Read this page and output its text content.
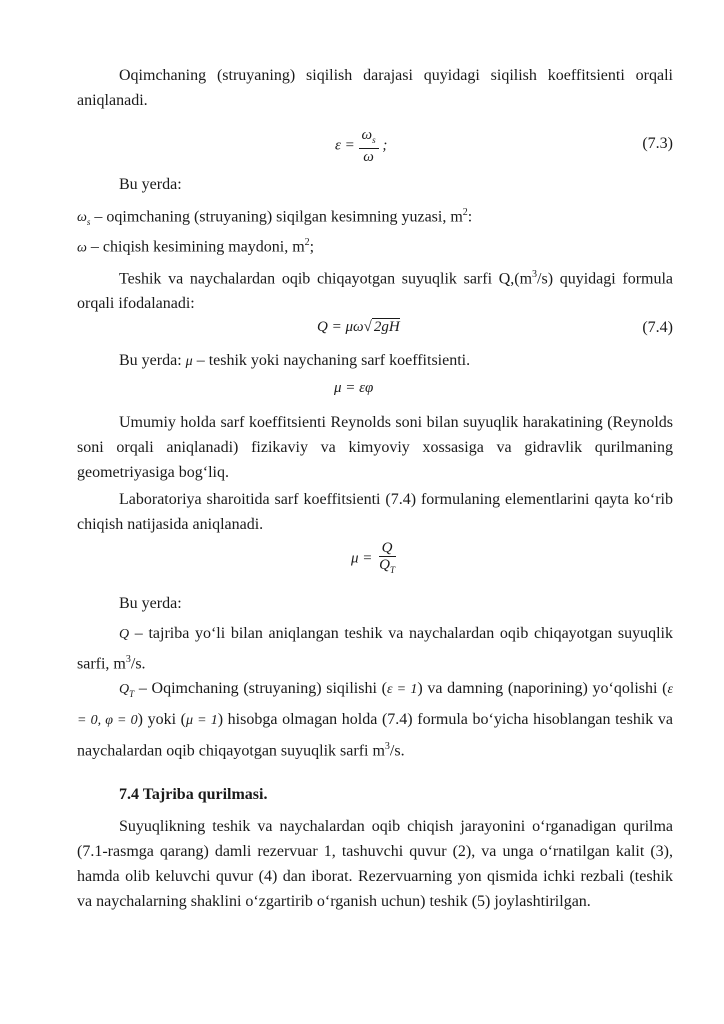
Oqimchaning (struyaning) siqilish darajasi quyidagi siqilish koeffitsienti orqali aniqlanadi.

$\varepsilon = \frac{\omega_s}{\omega}$ ;	(7.3)

Bu yerda:

$\omega_s$ – oqimchaning (struyaning) siqilgan kesimning yuzasi, $m^2$:

ω – chiqish kesimining maydoni, $m^2$;

Teshik va naychalardan oqib chiqayotgan suyuqlik sarfi $Q,(m^3/s)$ quyidagi formula orqali ifodalanadi:

Q = μω√ 2gH	(7.4)

Bu yerda: μ – teshik yoki naychaning sarf koeffitsienti.

μ = εφ

Umumiy holda sarf koeffitsienti Reynolds soni bilan suyuqlik harakatining (Reynolds soni orqali aniqlanadi) fizikaviy va kimyoviy xossasiga va gidravlik qurilmaning geometriyasiga bog‘liq.

Laboratoriya sharoitida sarf koeffitsienti (7.4) formulaning elementlarini qayta ko‘rib chiqish natijasida aniqlanadi.

$\mu = \frac{Q}{Q_T}$

Bu yerda:

Q – tajriba yo‘li bilan aniqlangan teshik va naychalardan oqib chiqayotgan suyuqlik sarfi, $m^3/s$.

$Q_T$ – Oqimchaning (struyaning) siqilishi (ε = 1) va damning (naporining) yo‘qolishi (ε = 0, φ = 0) yoki (μ = 1) hisobga olmagan holda (7.4) formula bo‘yicha hisoblangan teshik va naychalardan oqib chiqayotgan suyuqlik sarfi $m^3/s$.

7.4 Tajriba qurilmasi.

Suyuqlikning teshik va naychalardan oqib chiqish jarayonini o‘rganadigan qurilma (7.1-rasmga qarang) damli rezervuar 1, tashuvchi quvur (2), va unga o‘rnatilgan kalit (3), hamda olib keluvchi quvur (4) dan iborat. Rezervuarning yon qismida ichki rezbali (teshik va naychalarning shaklini o‘zgartirib o‘rganish uchun) teshik (5) joylashtirilgan.
